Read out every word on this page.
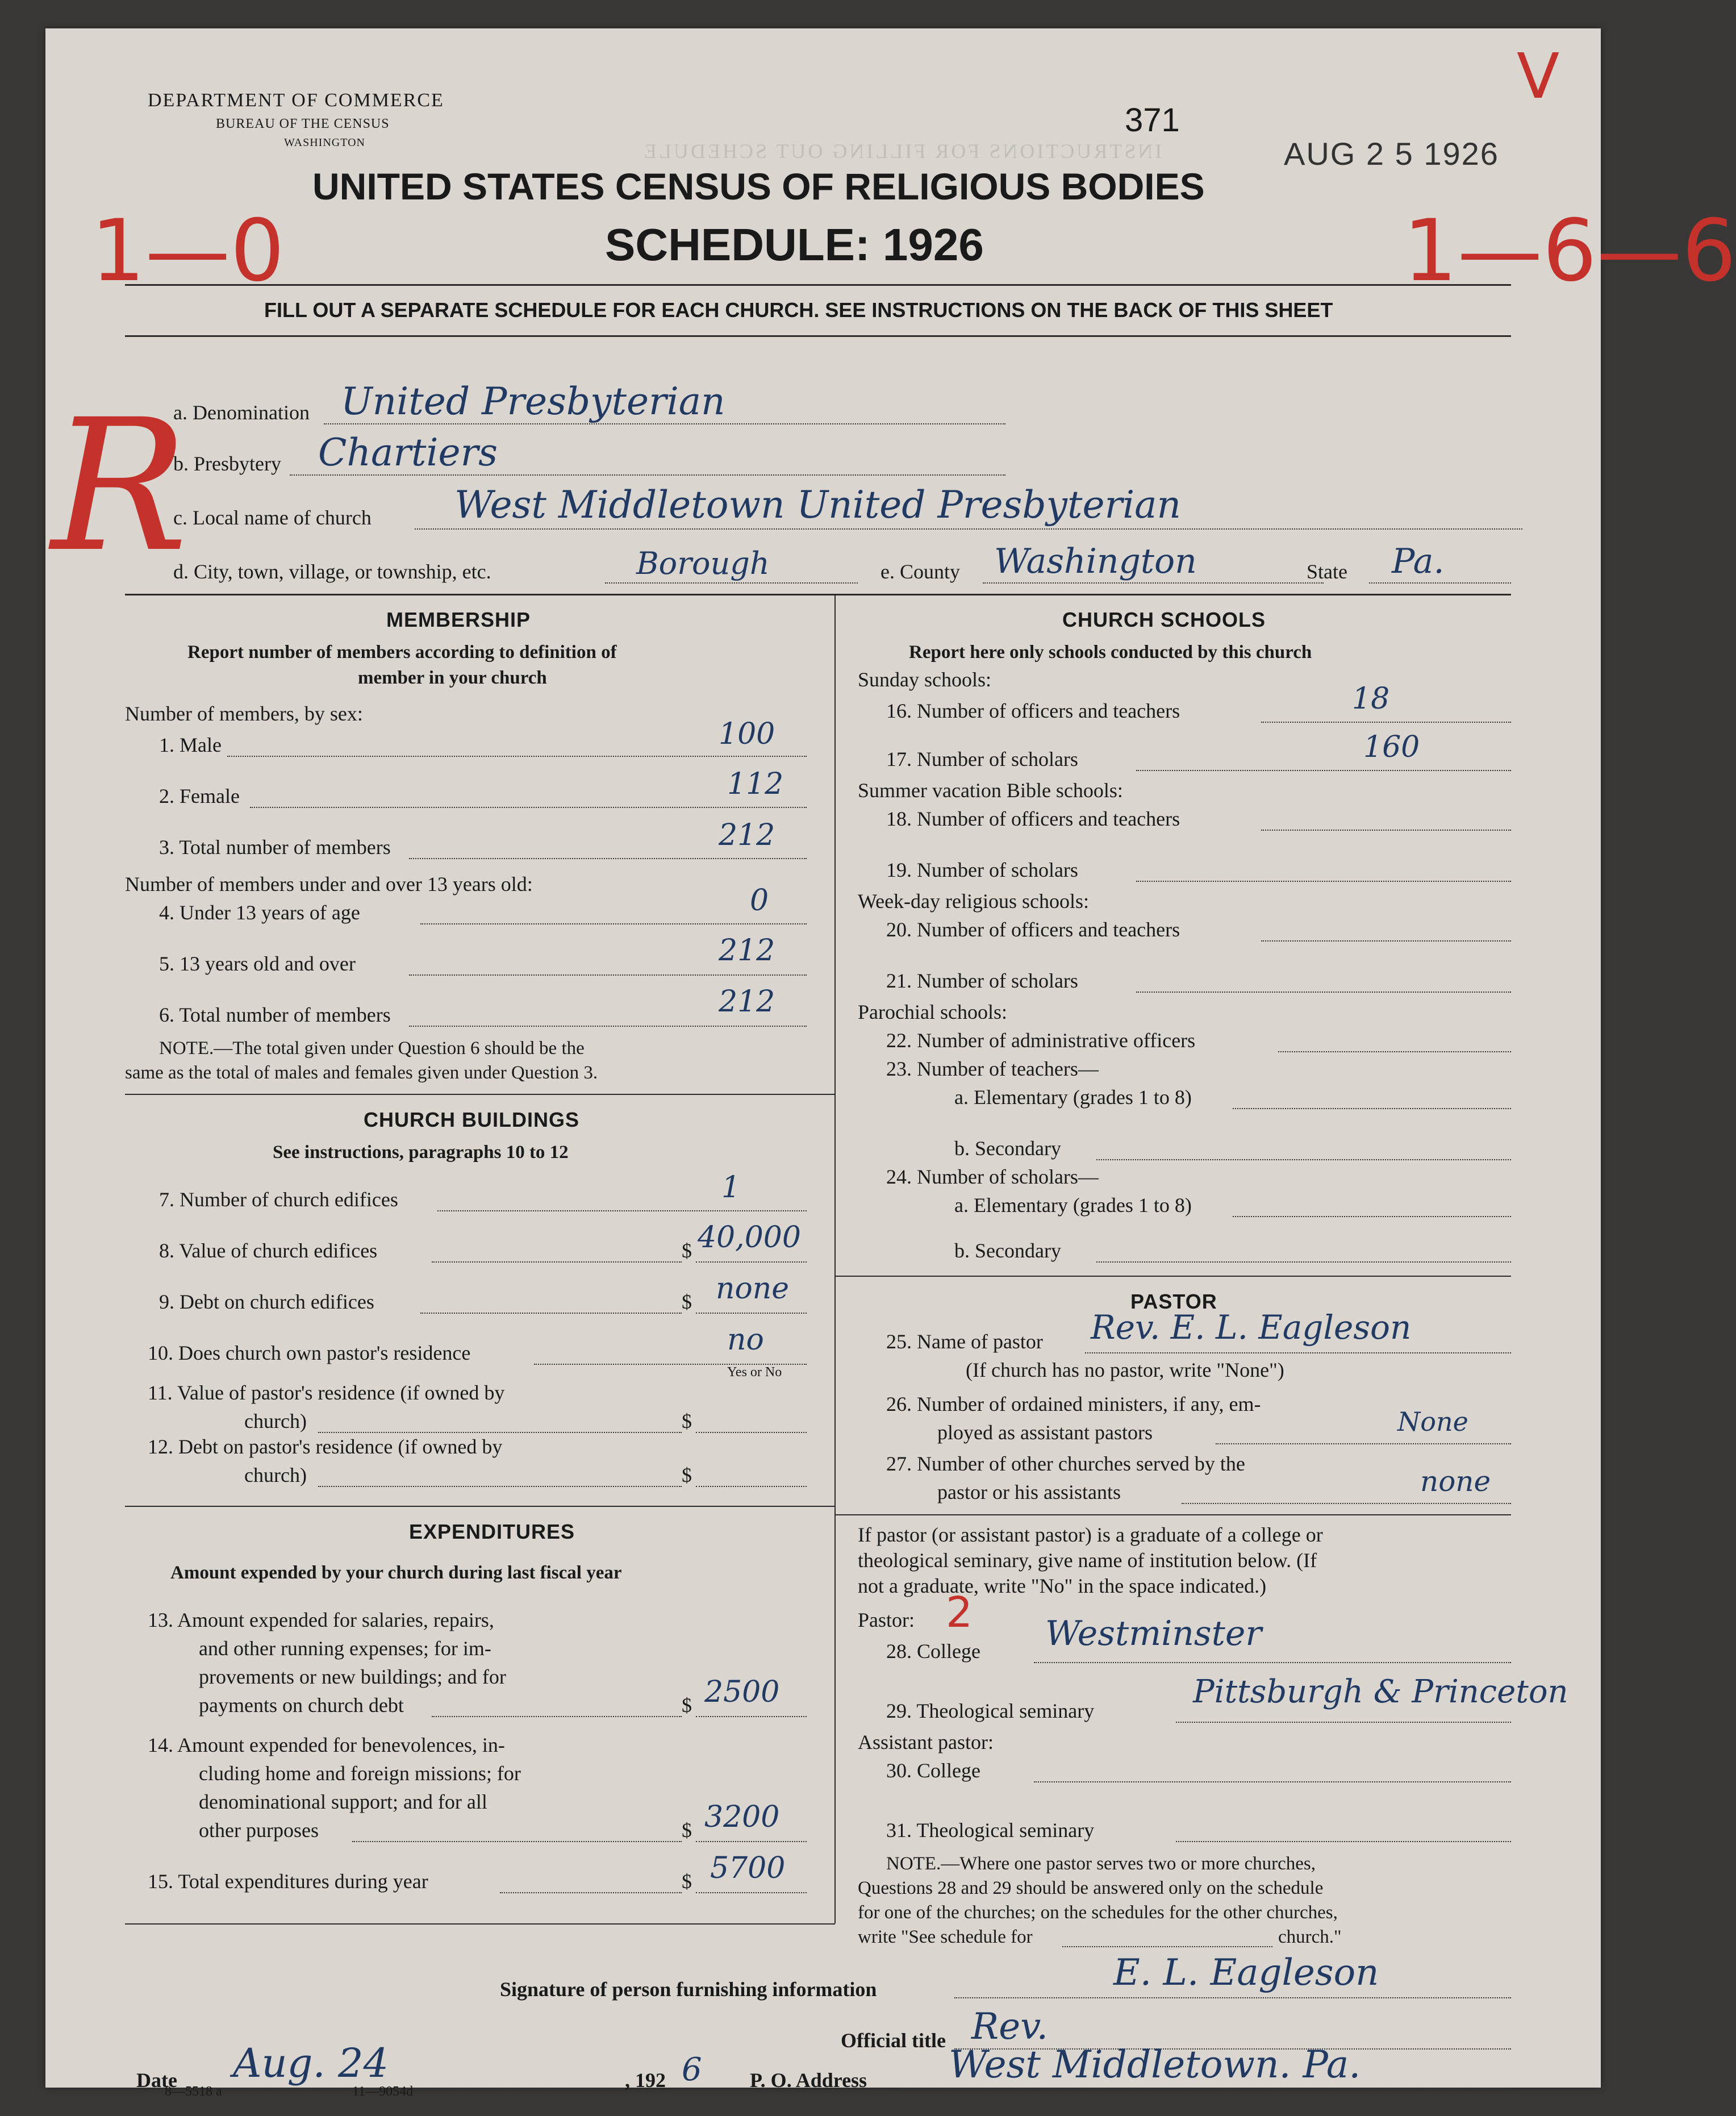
INSTRUCTIONS FOR FILLING OUT SCHEDULE
DEPARTMENT OF COMMERCE
BUREAU OF THE CENSUS
WASHINGTON
371
AUG 2 5 1926
UNITED STATES CENSUS OF RELIGIOUS BODIES
SCHEDULE: 1926
FILL OUT A SEPARATE SCHEDULE FOR EACH CHURCH. SEE INSTRUCTIONS ON THE BACK OF THIS SHEET
1—0	1—6—6
V
R
a. Denomination United Presbyterian
b. Presbytery Chartiers
c. Local name of church West Middletown United Presbyterian
d. City, town, village, or township, etc.	Borough	e. County Washington	State Pa.
MEMBERSHIP
Report number of members according to definition of
member in your church
Number of members, by sex:
1. Male	100
2. Female	112
3. Total number of members	212
Number of members under and over 13 years old:
4. Under 13 years of age	0
5. 13 years old and over	212
6. Total number of members	212
NOTE.—The total given under Question 6 should be the
same as the total of males and females given under Question 3.
CHURCH BUILDINGS
See instructions, paragraphs 10 to 12
7. Number of church edifices	1
8. Value of church edifices	$ 40,000
9. Debt on church edifices	$ none
10. Does church own pastor's residence	no
Yes or No
11. Value of pastor's residence (if owned by
church)	$
12. Debt on pastor's residence (if owned by
church)	$
EXPENDITURES
Amount expended by your church during last fiscal year
13. Amount expended for salaries, repairs,
and other running expenses; for im-
provements or new buildings; and for
payments on church debt	$ 2500
14. Amount expended for benevolences, in-
cluding home and foreign missions; for
denominational support; and for all
other purposes	$ 3200
15. Total expenditures during year	$ 5700
CHURCH SCHOOLS
Report here only schools conducted by this church
Sunday schools:
16. Number of officers and teachers	18
17. Number of scholars	160
Summer vacation Bible schools:
18. Number of officers and teachers
19. Number of scholars
Week-day religious schools:
20. Number of officers and teachers
21. Number of scholars
Parochial schools:
22. Number of administrative officers
23. Number of teachers—
a. Elementary (grades 1 to 8)
b. Secondary
24. Number of scholars—
a. Elementary (grades 1 to 8)
b. Secondary
PASTOR
25. Name of pastor Rev. E. L. Eagleson
(If church has no pastor, write "None")
26. Number of ordained ministers, if any, em-
ployed as assistant pastors	None
27. Number of other churches served by the
pastor or his assistants	none
If pastor (or assistant pastor) is a graduate of a college or
theological seminary, give name of institution below. (If
not a graduate, write "No" in the space indicated.)
Pastor: 2
28. College Westminster
29. Theological seminary
Pittsburgh & Princeton
Assistant pastor:
30. College
31. Theological seminary
NOTE.—Where one pastor serves two or more churches,
Questions 28 and 29 should be answered only on the schedule
for one of the churches; on the schedules for the other churches,
write "See schedule for	church."
Signature of person furnishing information	E. L. Eagleson
Official title Rev.
Date Aug. 24	, 192 6 P. O. Address West Middletown. Pa.
8—5518 a	11—9054d
